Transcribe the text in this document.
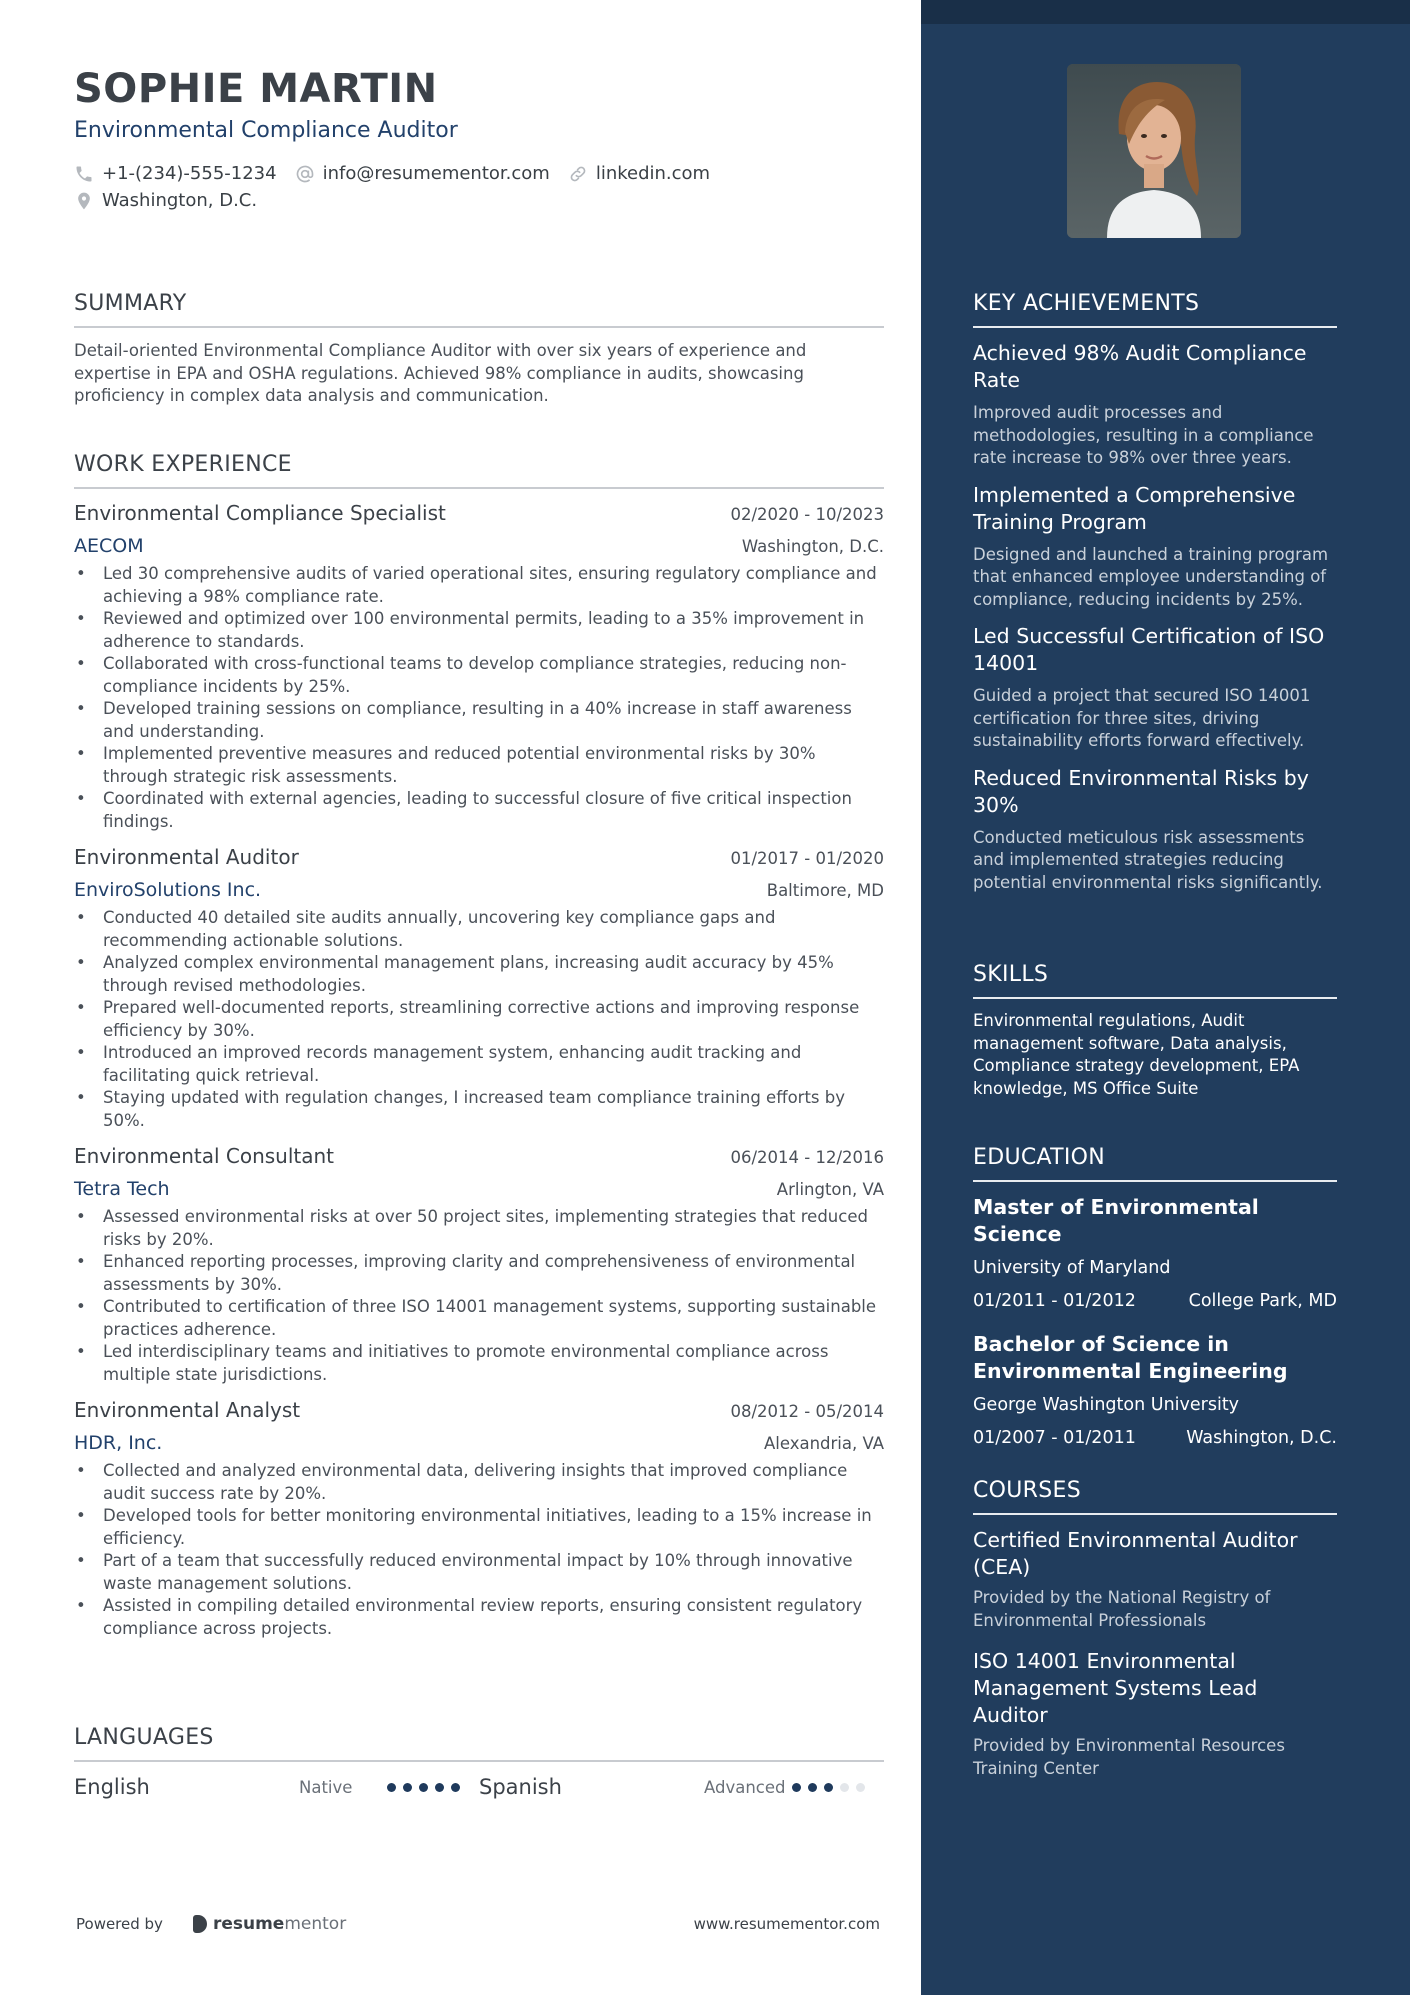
SOPHIE MARTIN
Environmental Compliance Auditor
+1-(234)-555-1234	info@resumementor.com	linkedin.com
Washington, D.C.
SUMMARY
Detail-oriented Environmental Compliance Auditor with over six years of experience and expertise in EPA and OSHA regulations. Achieved 98% compliance in audits, showcasing proficiency in complex data analysis and communication.
WORK EXPERIENCE
Environmental Compliance Specialist	02/2020 - 10/2023
AECOM	Washington, D.C.
• Led 30 comprehensive audits of varied operational sites, ensuring regulatory compliance and achieving a 98% compliance rate.
• Reviewed and optimized over 100 environmental permits, leading to a 35% improvement in adherence to standards.
• Collaborated with cross-functional teams to develop compliance strategies, reducing non-compliance incidents by 25%.
• Developed training sessions on compliance, resulting in a 40% increase in staff awareness and understanding.
• Implemented preventive measures and reduced potential environmental risks by 30% through strategic risk assessments.
• Coordinated with external agencies, leading to successful closure of five critical inspection findings.
Environmental Auditor	01/2017 - 01/2020
EnviroSolutions Inc.	Baltimore, MD
• Conducted 40 detailed site audits annually, uncovering key compliance gaps and recommending actionable solutions.
• Analyzed complex environmental management plans, increasing audit accuracy by 45% through revised methodologies.
• Prepared well-documented reports, streamlining corrective actions and improving response efficiency by 30%.
• Introduced an improved records management system, enhancing audit tracking and facilitating quick retrieval.
• Staying updated with regulation changes, I increased team compliance training efforts by 50%.
Environmental Consultant	06/2014 - 12/2016
Tetra Tech	Arlington, VA
• Assessed environmental risks at over 50 project sites, implementing strategies that reduced risks by 20%.
• Enhanced reporting processes, improving clarity and comprehensiveness of environmental assessments by 30%.
• Contributed to certification of three ISO 14001 management systems, supporting sustainable practices adherence.
• Led interdisciplinary teams and initiatives to promote environmental compliance across multiple state jurisdictions.
Environmental Analyst	08/2012 - 05/2014
HDR, Inc.	Alexandria, VA
• Collected and analyzed environmental data, delivering insights that improved compliance audit success rate by 20%.
• Developed tools for better monitoring environmental initiatives, leading to a 15% increase in efficiency.
• Part of a team that successfully reduced environmental impact by 10% through innovative waste management solutions.
• Assisted in compiling detailed environmental review reports, ensuring consistent regulatory compliance across projects.
LANGUAGES
English	Native	Spanish	Advanced
Powered by	resume mentor	www.resumementor.com
KEY ACHIEVEMENTS
Achieved 98% Audit Compliance Rate
Improved audit processes and methodologies, resulting in a compliance rate increase to 98% over three years.
Implemented a Comprehensive Training Program
Designed and launched a training program that enhanced employee understanding of compliance, reducing incidents by 25%.
Led Successful Certification of ISO 14001
Guided a project that secured ISO 14001 certification for three sites, driving sustainability efforts forward effectively.
Reduced Environmental Risks by 30%
Conducted meticulous risk assessments and implemented strategies reducing potential environmental risks significantly.
SKILLS
Environmental regulations, Audit management software, Data analysis, Compliance strategy development, EPA knowledge, MS Office Suite
EDUCATION
Master of Environmental Science
University of Maryland
01/2011 - 01/2012	College Park, MD
Bachelor of Science in Environmental Engineering
George Washington University
01/2007 - 01/2011	Washington, D.C.
COURSES
Certified Environmental Auditor (CEA)
Provided by the National Registry of Environmental Professionals
ISO 14001 Environmental Management Systems Lead Auditor
Provided by Environmental Resources Training Center
